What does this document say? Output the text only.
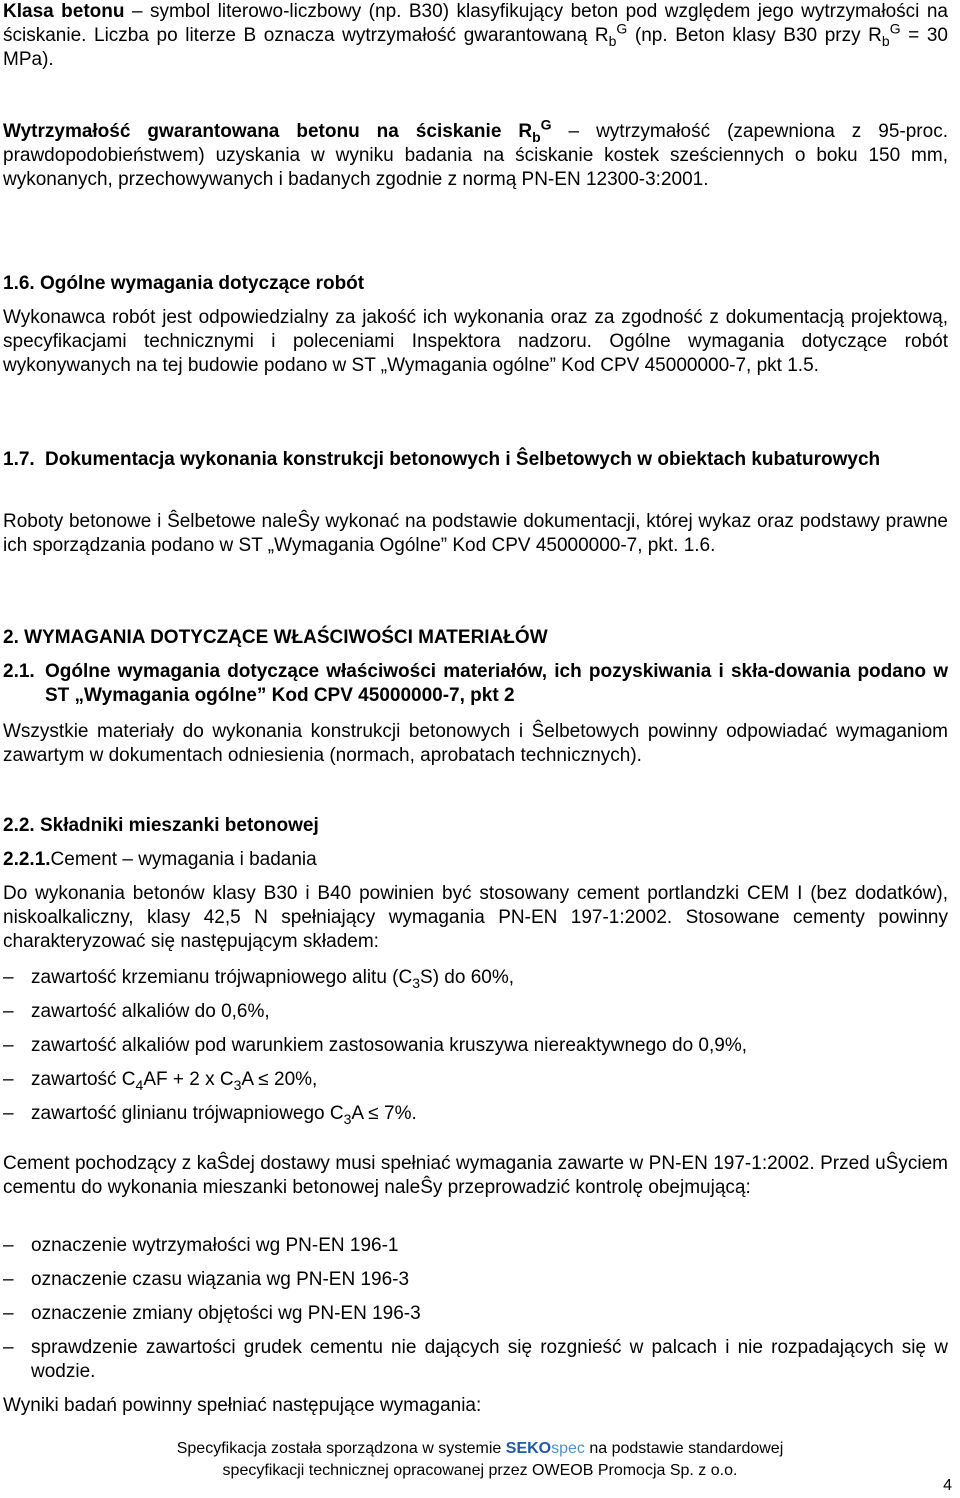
Klasa betonu – symbol literowo-liczbowy (np. B30) klasyfikujący beton pod względem jego wytrzymałości na ściskanie. Liczba po literze B oznacza wytrzymałość gwarantowaną $R_b^G$ (np. Beton klasy B30 przy $R_b^G = 30$ MPa).

Wytrzymałość gwarantowana betonu na ściskanie $R_b^G$ – wytrzymałość (zapewniona z 95-proc. prawdopodobieństwem) uzyskania w wyniku badania na ściskanie kostek sześciennych o boku 150 mm, wykonanych, przechowywanych i badanych zgodnie z normą PN-EN 12300-3:2001.

1.6. Ogólne wymagania dotyczące robót

Wykonawca robót jest odpowiedzialny za jakość ich wykonania oraz za zgodność z dokumentacją projektową, specyfikacjami technicznymi i poleceniami Inspektora nadzoru. Ogólne wymagania dotyczące robót wykonywanych na tej budowie podano w ST „Wymagania ogólne” Kod CPV 45000000-7, pkt 1.5.

1.7. Dokumentacja wykonania konstrukcji betonowych i Ŝelbetowych w obiektach kubaturowych

Roboty betonowe i Ŝelbetowe naleŜy wykonać na podstawie dokumentacji, której wykaz oraz podstawy prawne ich sporządzania podano w ST „Wymagania Ogólne” Kod CPV 45000000-7, pkt. 1.6.

2. WYMAGANIA DOTYCZĄCE WŁAŚCIWOŚCI MATERIAŁÓW

2.1. Ogólne wymagania dotyczące właściwości materiałów, ich pozyskiwania i skła-dowania podano w ST „Wymagania ogólne” Kod CPV 45000000-7, pkt 2

Wszystkie materiały do wykonania konstrukcji betonowych i Ŝelbetowych powinny odpowiadać wymaganiom zawartym w dokumentach odniesienia (normach, aprobatach technicznych).

2.2. Składniki mieszanki betonowej

2.2.1.Cement – wymagania i badania

Do wykonania betonów klasy B30 i B40 powinien być stosowany cement portlandzki CEM I (bez dodatków), niskoalkaliczny, klasy 42,5 N spełniający wymagania PN-EN 197-1:2002. Stosowane cementy powinny charakteryzować się następującym składem:

– zawartość krzemianu trójwapniowego alitu $(C_3S)$ do 60%,
– zawartość alkaliów do 0,6%,
– zawartość alkaliów pod warunkiem zastosowania kruszywa niereaktywnego do 0,9%,
– zawartość $C_4AF + 2$ x $C_3A \le 20\%$,
– zawartość glinianu trójwapniowego $C_3A \le 7\%$.

Cement pochodzący z kaŜdej dostawy musi spełniać wymagania zawarte w PN-EN 197-1:2002. Przed uŜyciem cementu do wykonania mieszanki betonowej naleŜy przeprowadzić kontrolę obejmującą:

– oznaczenie wytrzymałości wg PN-EN 196-1
– oznaczenie czasu wiązania wg PN-EN 196-3
– oznaczenie zmiany objętości wg PN-EN 196-3
– sprawdzenie zawartości grudek cementu nie dających się rozgnieść w palcach i nie rozpadających się w wodzie.

Wyniki badań powinny spełniać następujące wymagania:

Specyfikacja została sporządzona w systemie SEKOspec na podstawie standardowej
specyfikacji technicznej opracowanej przez OWEOB Promocja Sp. z o.o.
4
